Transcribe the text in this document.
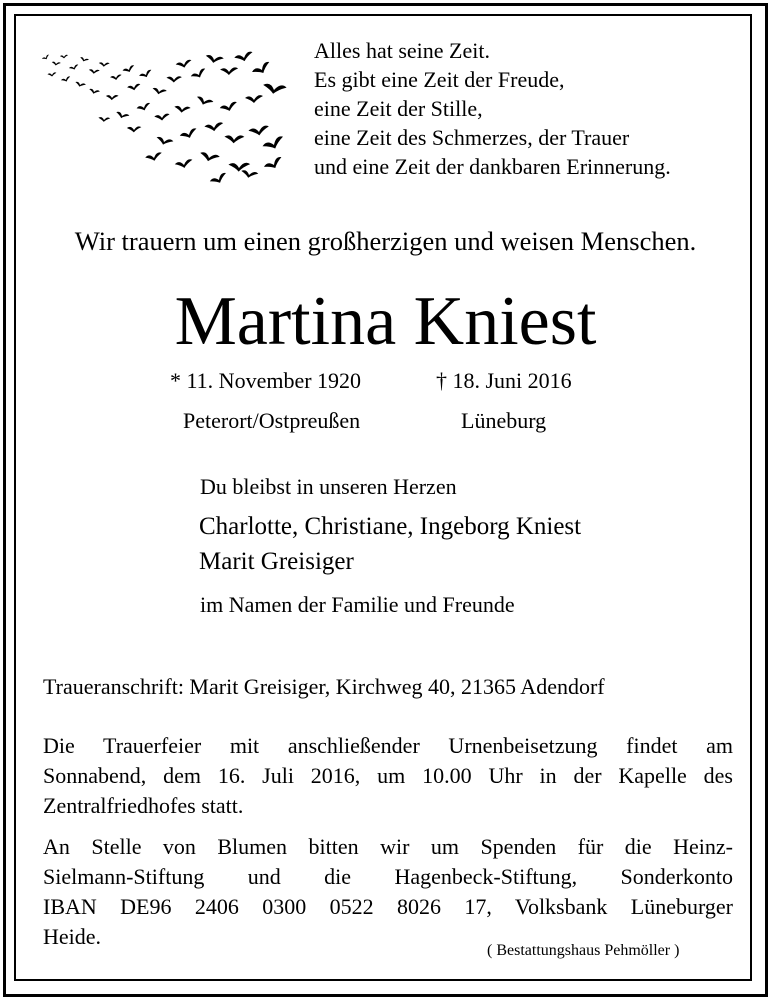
Alles hat seine Zeit.
Es gibt eine Zeit der Freude,
eine Zeit der Stille,
eine Zeit des Schmerzes, der Trauer
und eine Zeit der dankbaren Erinnerung.
Wir trauern um einen großherzigen und weisen Menschen.
Martina Kniest
* 11. November 1920	† 18. Juni 2016
Peterort/Ostpreußen	Lüneburg
Du bleibst in unseren Herzen
Charlotte, Christiane, Ingeborg Kniest
Marit Greisiger
im Namen der Familie und Freunde
Traueranschrift: Marit Greisiger, Kirchweg 40, 21365 Adendorf
Die Trauerfeier mit anschließender Urnenbeisetzung findet am
Sonnabend, dem 16. Juli 2016, um 10.00 Uhr in der Kapelle des
Zentralfriedhofes statt.
An Stelle von Blumen bitten wir um Spenden für die Heinz-
Sielmann-Stiftung und die Hagenbeck-Stiftung, Sonderkonto
IBAN DE96 2406 0300 0522 8026 17, Volksbank Lüneburger
Heide.
( Bestattungshaus Pehmöller )
